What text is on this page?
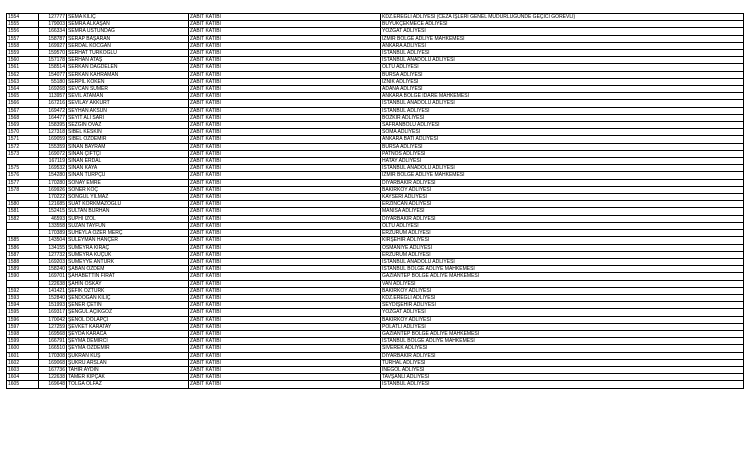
1554	127777	SEMA KILIÇ	ZABIT KATİBİ	KDZ.EREĞLİ ADLİYESİ (CEZA İŞLERİ GENEL MÜDÜRLÜĞÜNDE GEÇİCİ GÖREVLİ)
1555	179003	SEMRA ALKAŞAN	ZABIT KATİBİ	BÜYÜKÇEKMECE ADLİYESİ
1556	166334	SEMRA USTUNDAĞ	ZABIT KATİBİ	YOZGAT ADLİYESİ
1557	158787	SERAP BAŞARAN	ZABIT KATİBİ	İZMİR BÖLGE ADLİYE MAHKEMESİ
1558	169927	SERDAL KOCGAN	ZABIT KATİBİ	ANKARA ADLİYESİ
1559	159570	SERHAT TÜRKOĞLU	ZABIT KATİBİ	İSTANBUL ADLİYESİ
1560	157178	SERHAN ATAŞ	ZABIT KATİBİ	İSTANBUL ANADOLU ADLİYESİ
1561	158514	SERKAN DAĞDELEN	ZABIT KATİBİ	OLTU ADLİYESİ
1562	154077	SERKAN KAHRAMAN	ZABIT KATİBİ	BURSA ADLİYESİ
1563	55180	SERPİL KÖKEN	ZABIT KATİBİ	İZNİK ADLİYESİ
1564	169268	SEVCAN SÜMER	ZABIT KATİBİ	ADANA ADLİYESİ
1565	113957	SEVİL ATAMAN	ZABIT KATİBİ	ANKARA BÖLGE İDARE MAHKEMESİ
1566	167216	SEVİLAY AKKURT	ZABIT KATİBİ	İSTANBUL ANADOLU ADLİYESİ
1567	169472	SEYHAN AKSUN	ZABIT KATİBİ	İSTANBUL ADLİYESİ
1568	164477	SEYİT ALİ SARI	ZABIT KATİBİ	BOZKIR ADLİYESİ
1569	158395	SEZGİN OVAZ	ZABIT KATİBİ	SAFRANBOLU ADLİYESİ
1570	127318	SİBEL KESKİN	ZABIT KATİBİ	SOMA ADLİYESİ
1571	169059	SİBEL ÖZDEMİR	ZABIT KATİBİ	ANKARA BATI ADLİYESİ
1572	155359	SİNAN BAYRAM	ZABIT KATİBİ	BURSA ADLİYESİ
1573	169072	SİNAN ÇİFTÇİ	ZABIT KATİBİ	PATNOS ADLİYESİ
	167119	SİNAN ERDAL	ZABIT KATİBİ	HATAY ADLİYESİ
1575	169532	SİNAN KAYA	ZABIT KATİBİ	İSTANBUL ANADOLU ADLİYESİ
1576	154280	SİNAN TURPÇU	ZABIT KATİBİ	İZMİR BÖLGE ADLİYE MAHKEMESİ
1577	170280	SONAY EMRE	ZABIT KATİBİ	DİYARBAKIR ADLİYESİ
1578	169926	SONER KOÇ	ZABIT KATİBİ	BAKIRKÖY ADLİYESİ
	170222	SONGÜL YILMAZ	ZABIT KATİBİ	KAYSERİ ADLİYESİ
1580	121685	SUAT KORKMAZOĞLU	ZABIT KATİBİ	ERZİNCAN ADLİYESİ
1581	152415	SULTAN BURHAN	ZABIT KATİBİ	MANİSA ADLİYESİ
1582	46593	SÜPHİ İZOL	ZABIT KATİBİ	DİYARBAKIR ADLİYESİ
	133558	SUZAN TAYFUN	ZABIT KATİBİ	OLTU ADLİYESİ
	170389	SÜHEYLA ÖZER MERÇ	ZABIT KATİBİ	ERZURUM ADLİYESİ
1585	143504	SÜLEYMAN HANÇER	ZABIT KATİBİ	KIRŞEHİR ADLİYESİ
1586	134155	SÜMEYRA KIRAÇ	ZABIT KATİBİ	OSMANİYE ADLİYESİ
1587	127732	SÜMEYRA KÜÇÜK	ZABIT KATİBİ	ERZURUM ADLİYESİ
1588	169203	SÜMEYYE ANTÜRK	ZABIT KATİBİ	İSTANBUL ANADOLU ADLİYESİ
1589	158240	ŞABAN ÖZDEM	ZABIT KATİBİ	İSTANBUL BÖLGE ADLİYE MAHKEMESİ
1590	169701	ŞAHABETTİN FIRAT	ZABIT KATİBİ	GAZİANTEP BÖLGE ADLİYE MAHKEMESİ
	122638	ŞAHİN OSKAY	ZABIT KATİBİ	VAN ADLİYESİ
1592	141421	ŞEFİK ÖZTÜRK	ZABIT KATİBİ	BAKIRKÖY ADLİYESİ
1593	152840	ŞENDOĞAN KILIÇ	ZABIT KATİBİ	KDZ.EREĞLİ ADLİYESİ
1594	151993	ŞENER ÇETİN	ZABIT KATİBİ	SEYDİŞEHİR ADLİYESİ
1595	169317	ŞENGÜL AÇIKGÖZ	ZABIT KATİBİ	YOZGAT ADLİYESİ
1596	170042	ŞENOL DOLAPÇI	ZABIT KATİBİ	BAKIRKÖY ADLİYESİ
1597	127259	ŞEVKET KARATAY	ZABIT KATİBİ	POLATLI ADLİYESİ
1598	169568	ŞEYDA KARACA	ZABIT KATİBİ	GAZİANTEP BÖLGE ADLİYE MAHKEMESİ
1599	166791	ŞEYMA DEMİRCİ	ZABIT KATİBİ	İSTANBUL BÖLGE ADLİYE MAHKEMESİ
1600	166510	ŞEYMA ÖZDEMİR	ZABIT KATİBİ	SİVEREK ADLİYESİ
1601	170308	ŞÜKRAN KUŞ	ZABIT KATİBİ	DİYARBAKIR ADLİYESİ
1602	169068	ŞÜKRÜ ARSLAN	ZABIT KATİBİ	TURHAL ADLİYESİ
1603	167736	TAHİR AYDIN	ZABIT KATİBİ	İNEGÖL ADLİYESİ
1604	122638	TAMER KIPÇAK	ZABIT KATİBİ	TAVŞANLI ADLİYESİ
1605	169648	TOLGA OLFAZ	ZABIT KATİBİ	İSTANBUL ADLİYESİ
